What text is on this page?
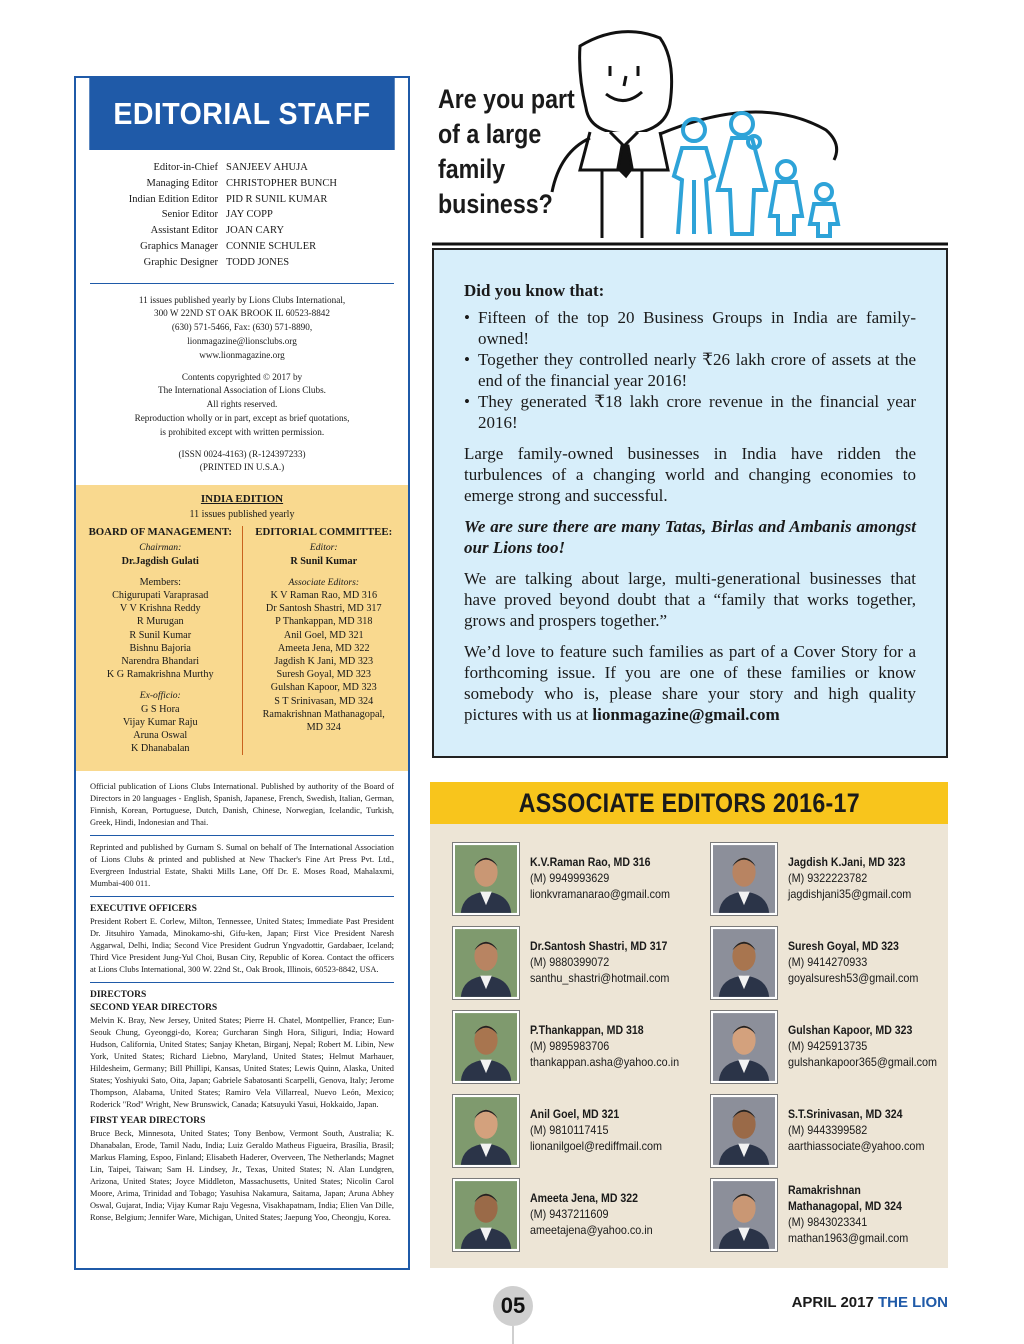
EDITORIAL STAFF
Editor-in-Chief SANJEEV AHUJA
Managing Editor CHRISTOPHER BUNCH
Indian Edition Editor PID R SUNIL KUMAR
Senior Editor JAY COPP
Assistant Editor JOAN CARY
Graphics Manager CONNIE SCHULER
Graphic Designer TODD JONES
11 issues published yearly by Lions Clubs International,
300 W 22ND ST OAK BROOK IL 60523-8842
(630) 571-5466, Fax: (630) 571-8890,
lionmagazine@lionsclubs.org
www.lionmagazine.org
Contents copyrighted © 2017 by
The International Association of Lions Clubs.
All rights reserved.
Reproduction wholly or in part, except as brief quotations,
is prohibited except with written permission.
(ISSN 0024-4163) (R-124397233)
(PRINTED IN U.S.A.)
INDIA EDITION
11 issues published yearly
BOARD OF MANAGEMENT:
Chairman:
Dr.Jagdish Gulati
Members:
Chigurupati Varaprasad
V V Krishna Reddy
R Murugan
R Sunil Kumar
Bishnu Bajoria
Narendra Bhandari
K G Ramakrishna Murthy
Ex-officio:
G S Hora
Vijay Kumar Raju
Aruna Oswal
K Dhanabalan
EDITORIAL COMMITTEE:
Editor:
R Sunil Kumar
Associate Editors:
K V Raman Rao, MD 316
Dr Santosh Shastri, MD 317
P Thankappan, MD 318
Anil Goel, MD 321
Ameeta Jena, MD 322
Jagdish K Jani, MD 323
Suresh Goyal, MD 323
Gulshan Kapoor, MD 323
S T Srinivasan, MD 324
Ramakrishnan Mathanagopal,
MD 324
Official publication of Lions Clubs International. Published by authority of the Board of Directors in 20 languages - English, Spanish, Japanese, French, Swedish, Italian, German, Finnish, Korean, Portuguese, Dutch, Danish, Chinese, Norwegian, Icelandic, Turkish, Greek, Hindi, Indonesian and Thai.
Reprinted and published by Gurnam S. Sumal on behalf of The International Association of Lions Clubs & printed and published at New Thacker's Fine Art Press Pvt. Ltd., Evergreen Industrial Estate, Shakti Mills Lane, Off Dr. E. Moses Road, Mahalaxmi, Mumbai-400 011.
EXECUTIVE OFFICERS
President Robert E. Corlew, Milton, Tennessee, United States; Immediate Past President Dr. Jitsuhiro Yamada, Minokamo-shi, Gifu-ken, Japan; First Vice President Naresh Aggarwal, Delhi, India; Second Vice President Gudrun Yngvadottir, Gardabaer, Iceland; Third Vice President Jung-Yul Choi, Busan City, Republic of Korea. Contact the officers at Lions Clubs International, 300 W. 22nd St., Oak Brook, Illinois, 60523-8842, USA.
DIRECTORS
SECOND YEAR DIRECTORS
Melvin K. Bray, New Jersey, United States; Pierre H. Chatel, Montpellier, France; Eun-Seouk Chung, Gyeonggi-do, Korea; Gurcharan Singh Hora, Siliguri, India; Howard Hudson, California, United States; Sanjay Khetan, Birganj, Nepal; Robert M. Libin, New York, United States; Richard Liebno, Maryland, United States; Helmut Marhauer, Hildesheim, Germany; Bill Phillipi, Kansas, United States; Lewis Quinn, Alaska, United States; Yoshiyuki Sato, Oita, Japan; Gabriele Sabatosanti Scarpelli, Genova, Italy; Jerome Thompson, Alabama, United States; Ramiro Vela Villarreal, Nuevo León, Mexico; Roderick "Rod" Wright, New Brunswick, Canada; Katsuyuki Yasui, Hokkaido, Japan.
FIRST YEAR DIRECTORS
Bruce Beck, Minnesota, United States; Tony Benbow, Vermont South, Australia; K. Dhanabalan, Erode, Tamil Nadu, India; Luiz Geraldo Matheus Figueira, Brasília, Brasil; Markus Flaming, Espoo, Finland; Elisabeth Haderer, Overveen, The Netherlands; Magnet Lin, Taipei, Taiwan; Sam H. Lindsey, Jr., Texas, United States; N. Alan Lundgren, Arizona, United States; Joyce Middleton, Massachusetts, United States; Nicolin Carol Moore, Arima, Trinidad and Tobago; Yasuhisa Nakamura, Saitama, Japan; Aruna Abhey Oswal, Gujarat, India; Vijay Kumar Raju Vegesna, Visakhapatnam, India; Elien Van Dille, Ronse, Belgium; Jennifer Ware, Michigan, United States; Jaepung Yoo, Cheongju, Korea.
Are you part
of a large
family
business?
Did you know that:
• Fifteen of the top 20 Business Groups in India are family-owned!
• Together they controlled nearly ₹26 lakh crore of assets at the end of the financial year 2016!
• They generated ₹18 lakh crore revenue in the financial year 2016!
Large family-owned businesses in India have ridden the turbulences of a changing world and changing economies to emerge strong and successful.
We are sure there are many Tatas, Birlas and Ambanis amongst our Lions too!
We are talking about large, multi-generational businesses that have proved beyond doubt that a “family that works together, grows and prospers together.”
We’d love to feature such families as part of a Cover Story for a forthcoming issue. If you are one of these families or know somebody who is, please share your story and high quality pictures with us at lionmagazine@gmail.com
ASSOCIATE EDITORS 2016-17
K.V.Raman Rao, MD 316
(M) 9949993629
lionkvramanarao@gmail.com
Dr.Santosh Shastri, MD 317
(M) 9880399072
santhu_shastri@hotmail.com
P.Thankappan, MD 318
(M) 9895983706
thankappan.asha@yahoo.co.in
Anil Goel, MD 321
(M) 9810117415
lionanilgoel@rediffmail.com
Ameeta Jena, MD 322
(M) 9437211609
ameetajena@yahoo.co.in
Jagdish K.Jani, MD 323
(M) 9322223782
jagdishjani35@gmail.com
Suresh Goyal, MD 323
(M) 9414270933
goyalsuresh53@gmail.com
Gulshan Kapoor, MD 323
(M) 9425913735
gulshankapoor365@gmail.com
S.T.Srinivasan, MD 324
(M) 9443399582
aarthiassociate@yahoo.com
Ramakrishnan
Mathanagopal, MD 324
(M) 9843023341
mathan1963@gmail.com
05	APRIL 2017 THE LION
